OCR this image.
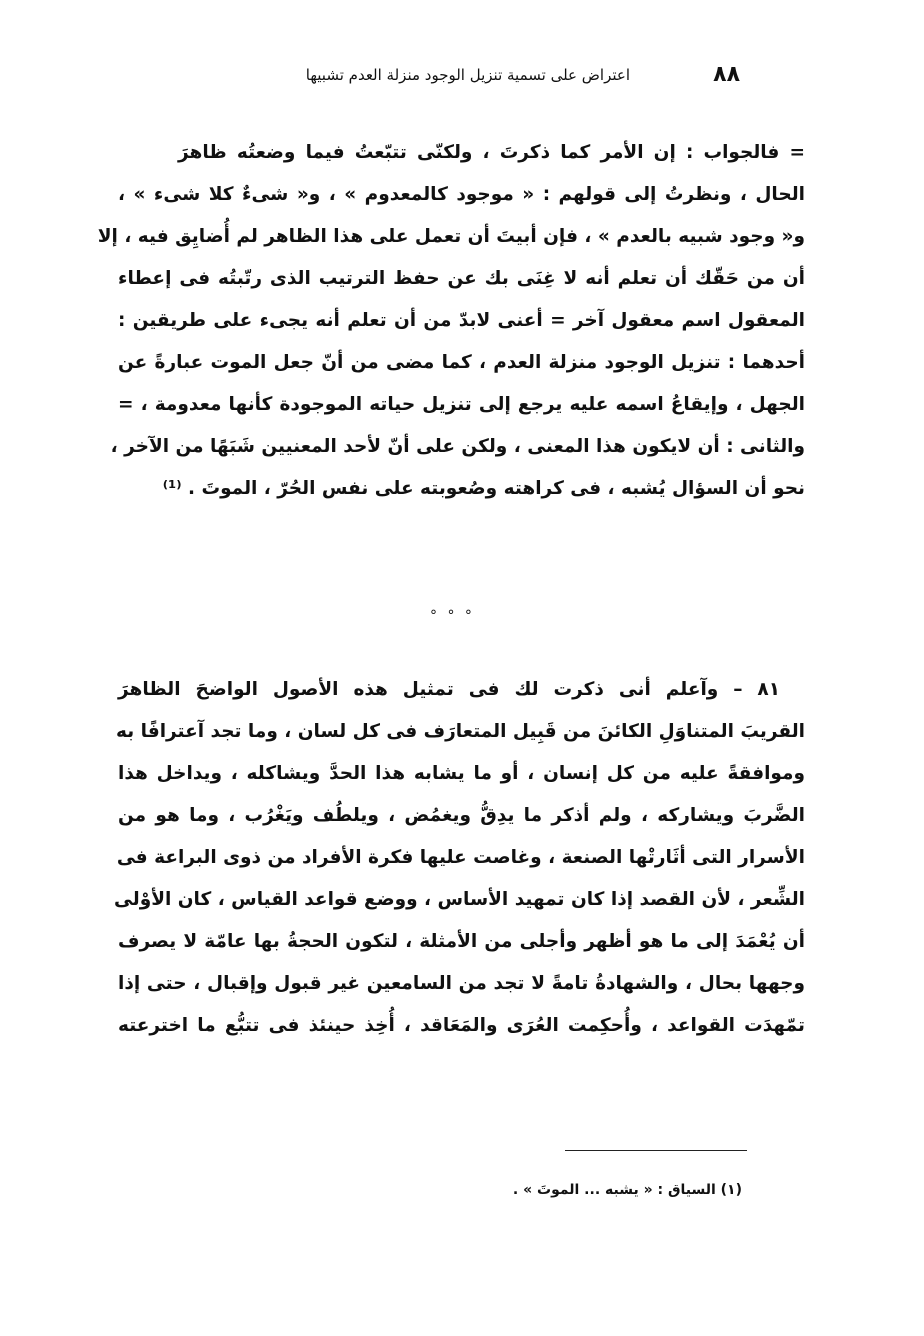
٨٨
اعتراض على تسمية تنزيل الوجود منزلة العدم تشبيها
= فالجواب : إن الأمر كما ذكرتَ ، ولكنّى تتبّعتُ فيما وضعتُه ظاهرَ
الحال ، ونظرتُ إلى قولهم : « موجود كالمعدوم » ، و« شىءٌ كلا شىء » ،
و« وجود شبيه بالعدم » ، فإن أبيتَ أن تعمل على هذا الظاهر لم أُضايِق فيه ، إلا
أن من حَقّك أن تعلم أنه لا غِنَى بك عن حفظ الترتيب الذى رتّبتُه فى إعطاء
المعقول اسم معقول آخر = أعنى لابدّ من أن تعلم أنه يجىء على طريقين :
أحدهما : تنزيل الوجود منزلة العدم ، كما مضى من أنّ جعل الموت عبارةً عن
الجهل ، وإيقاعُ اسمه عليه يرجع إلى تنزيل حياته الموجودة كأنها معدومة ، =
والثانى : أن لايكون هذا المعنى ، ولكن على أنّ لأحد المعنيين شَبَهًا من الآخر ،
نحو أن السؤال يُشبه ، فى كراهته وصُعوبته على نفس الحُرّ ، الموتَ . ⁽¹⁾
° ° °
٨١ – وآعلم أنى ذكرت لك فى تمثيل هذه الأصول الواضحَ الظاهرَ
القريبَ المتناوَلِ الكائنَ من قَبِيل المتعارَف فى كل لسان ، وما تجد آعترافًا به
وموافقةً عليه من كل إنسان ، أو ما يشابه هذا الحدَّ ويشاكله ، ويداخل هذا
الضَّربَ ويشاركه ، ولم أذكر ما يدِقُّ ويغمُض ، ويلطُف ويَغْرُب ، وما هو من
الأسرار التى أثَارتْها الصنعة ، وغاصت عليها فكرة الأفراد من ذوى البراعة فى
الشِّعر ، لأن القصد إذا كان تمهيد الأساس ، ووضع قواعد القياس ، كان الأوْلى
أن يُعْمَدَ إلى ما هو أظهر وأجلى من الأمثلة ، لتكون الحجةُ بها عامّة لا يصرف
وجهها بحال ، والشهادةُ تامةً لا تجد من السامعين غير قبول وإقبال ، حتى إذا
تمّهدَت القواعد ، وأُحكِمت العُرَى والمَعَاقد ، أُخِذ حينئذ فى تتبُّع ما اخترعته
(١) السياق : « يشبه ... الموتَ » .
